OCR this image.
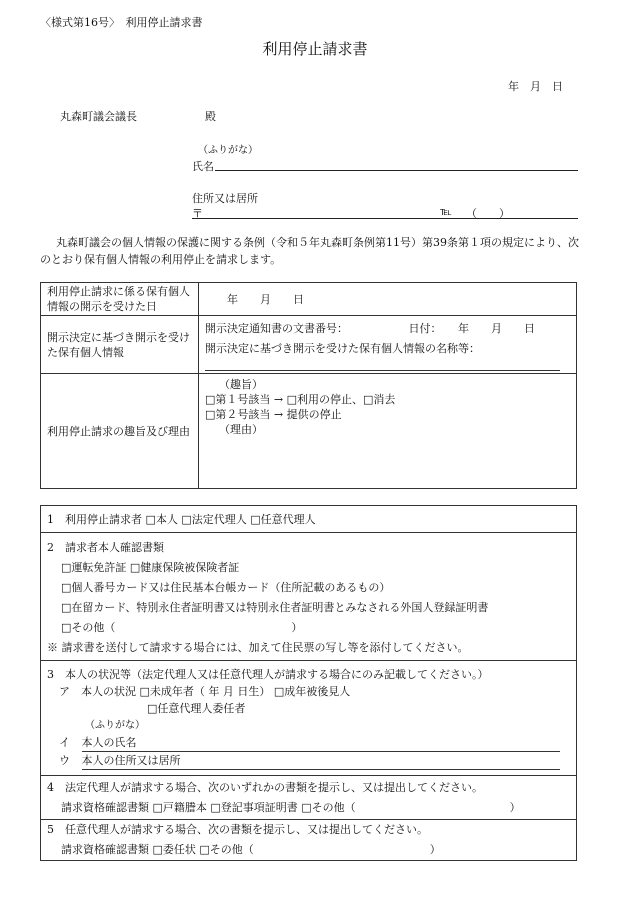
〈様式第16号〉　利用停止請求書
利用停止請求書
年　月　日
丸森町議会議長	殿
（ふりがな）
氏名
住所又は居所
〒	℡ （　　）
丸森町議会の個人情報の保護に関する条例（令和５年丸森町条例第11号）第39条第１項の規定により、次のとおり保有個人情報の利用停止を請求します。
利用停止請求に係る保有個人情報の開示を受けた日	年　　月　　日
開示決定に基づき開示を受けた保有個人情報	開示決定通知書の文書番号：　　　　　　日付：　　年　　月　　日
開示決定に基づき開示を受けた保有個人情報の名称等：

利用停止請求の趣旨及び理由	（趣旨）
□第１号該当 → □利用の停止、□消去
□第２号該当 → 提供の停止
（理由）
1　利用停止請求者 □本人 □法定代理人 □任意代理人

2　請求者本人確認書類
□運転免許証 □健康保険被保険者証
□個人番号カード又は住民基本台帳カード（住所記載のあるもの）
□在留カード、特別永住者証明書又は特別永住者証明書とみなされる外国人登録証明書
□その他（　　　　　　　　　　　　　　　　）
※ 請求書を送付して請求する場合には、加えて住民票の写し等を添付してください。

3　本人の状況等（法定代理人又は任意代理人が請求する場合にのみ記載してください。）
ア　本人の状況 □未成年者（ 年 月 日生） □成年被後見人
□任意代理人委任者
（ふりがな）
イ 本人の氏名
ウ 本人の住所又は居所

4　法定代理人が請求する場合、次のいずれかの書類を提示し、又は提出してください。
請求資格確認書類 □戸籍謄本 □登記事項証明書 □その他（　　　　　　　　　　　　　　）

5　任意代理人が請求する場合、次の書類を提示し、又は提出してください。
請求資格確認書類 □委任状 □その他（　　　　　　　　　　　　　　　　）
